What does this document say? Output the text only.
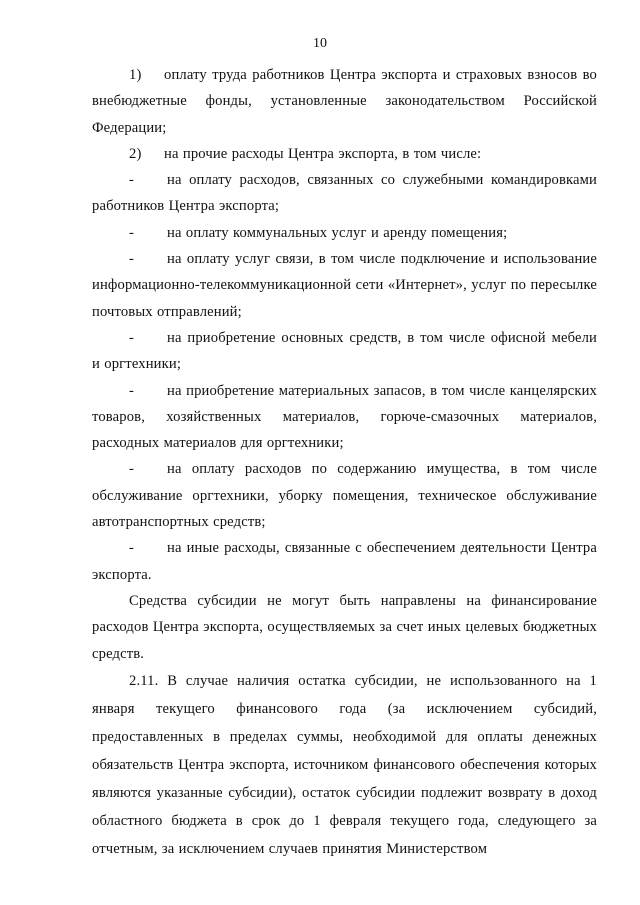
10

1) оплату труда работников Центра экспорта и страховых взносов во внебюджетные фонды, установленные законодательством Российской Федерации;

2) на прочие расходы Центра экспорта, в том числе:

- на оплату расходов, связанных со служебными командировками работников Центра экспорта;

- на оплату коммунальных услуг и аренду помещения;

- на оплату услуг связи, в том числе подключение и использование информационно-телекоммуникационной сети «Интернет», услуг по пересылке почтовых отправлений;

- на приобретение основных средств, в том числе офисной мебели и оргтехники;

- на приобретение материальных запасов, в том числе канцелярских товаров, хозяйственных материалов, горюче-смазочных материалов, расходных материалов для оргтехники;

- на оплату расходов по содержанию имущества, в том числе обслуживание оргтехники, уборку помещения, техническое обслуживание автотранспортных средств;

- на иные расходы, связанные с обеспечением деятельности Центра экспорта.

Средства субсидии не могут быть направлены на финансирование расходов Центра экспорта, осуществляемых за счет иных целевых бюджетных средств.

2.11. В случае наличия остатка субсидии, не использованного на 1 января текущего финансового года (за исключением субсидий, предоставленных в пределах суммы, необходимой для оплаты денежных обязательств Центра экспорта, источником финансового обеспечения которых являются указанные субсидии), остаток субсидии подлежит возврату в доход областного бюджета в срок до 1 февраля текущего года, следующего за отчетным, за исключением случаев принятия Министерством
